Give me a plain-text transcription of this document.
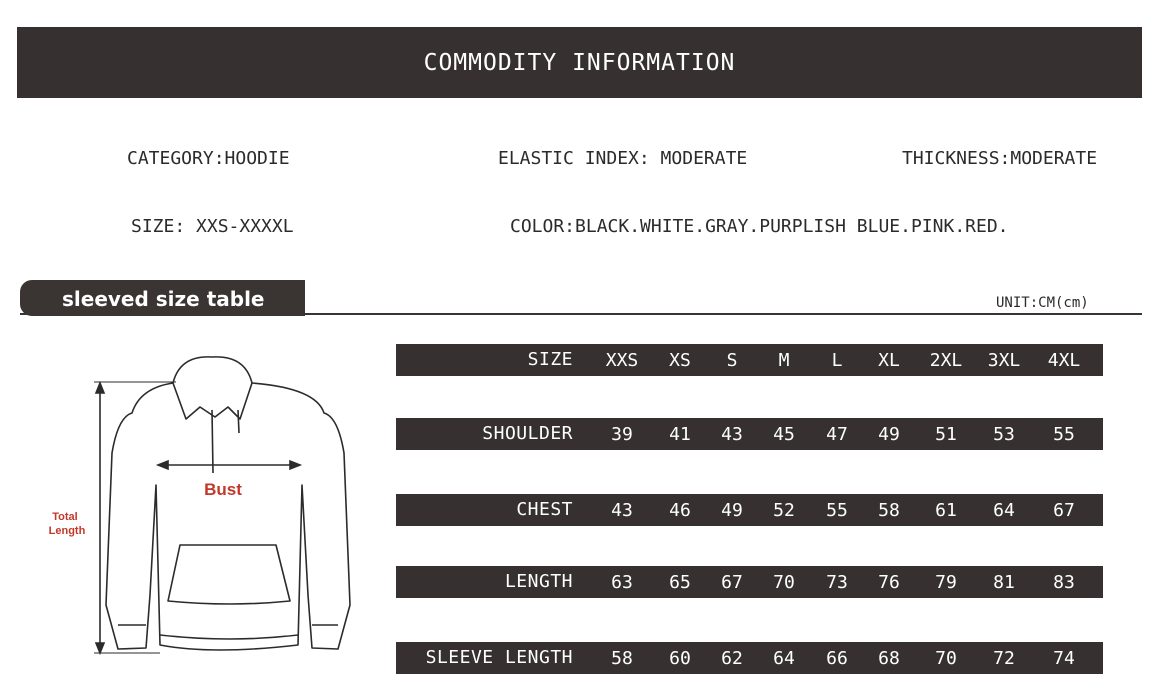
COMMODITY INFORMATION
CATEGORY:HOODIE	ELASTIC INDEX: MODERATE	THICKNESS:MODERATE
SIZE: XXS-XXXXL	COLOR:BLACK.WHITE.GRAY.PURPLISH BLUE.PINK.RED.
sleeved size table	UNIT:CM(cm)
Bust
Total
Length
SIZE	XXS	XS	S	M	L	XL	2XL	3XL	4XL
SHOULDER	39	41	43	45	47	49	51	53	55
CHEST	43	46	49	52	55	58	61	64	67
LENGTH	63	65	67	70	73	76	79	81	83
SLEEVE LENGTH	58	60	62	64	66	68	70	72	74
